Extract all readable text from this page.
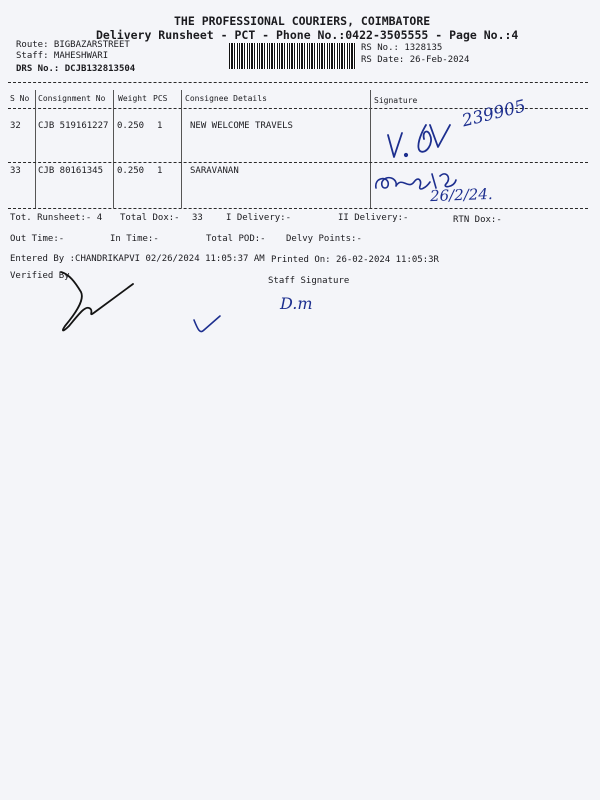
THE PROFESSIONAL COURIERS, COIMBATORE
Delivery Runsheet - PCT - Phone No.:0422-3505555 - Page No.:4
Route: BIGBAZARSTREET
Staff: MAHESHWARI
DRS No.: DCJB132813504
RS No.: 1328135
RS Date: 26-Feb-2024
S No Consignment No Weight PCS Consignee Details	Signature
32 CJB 519161227 0.250 1	NEW WELCOME TRAVELS
33 CJB 80161345 0.250 1	SARAVANAN
239905
26/2/24.
Tot. Runsheet:- 4 Total Dox:- 33	I Delivery:-	II Delivery:-	RTN Dox:-
Out Time:-	In Time:-	Total POD:- Delvy Points:-
Entered By :CHANDRIKAPVI 02/26/2024 11:05:37 AM Printed On: 26-02-2024 11:05:3R
Verified By	Staff Signature
D.m
